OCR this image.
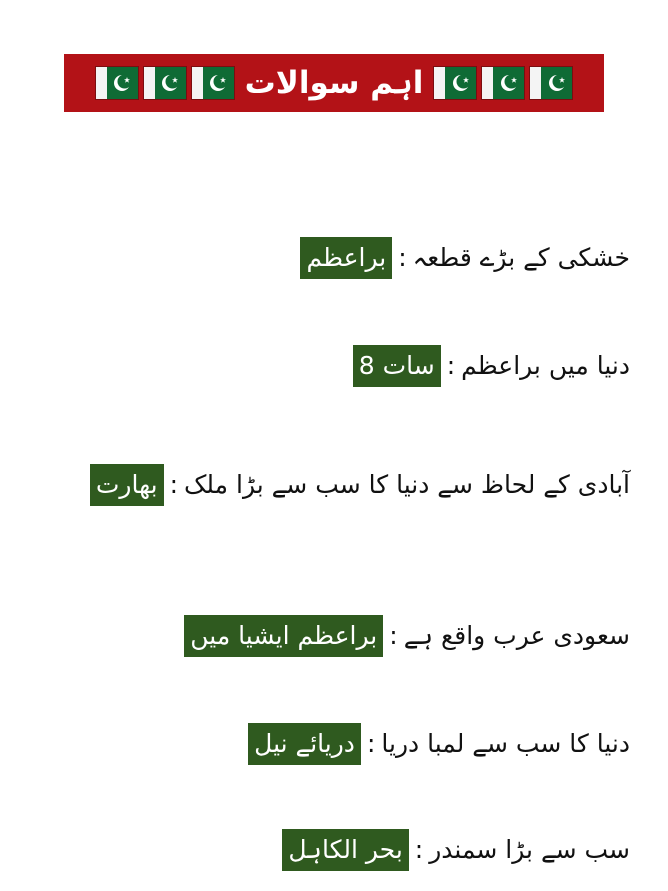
اہم سوالات
خشکی کے بڑے قطعہ:براعظم
دنیا میں براعظم:سات 8
آبادی کے لحاظ سے دنیا کا سب سے بڑا ملک:بھارت
سعودی عرب واقع ہے:براعظم ایشیا میں
دنیا کا سب سے لمبا دریا:دریائے نیل
سب سے بڑا سمندر:بحر الکاہل
